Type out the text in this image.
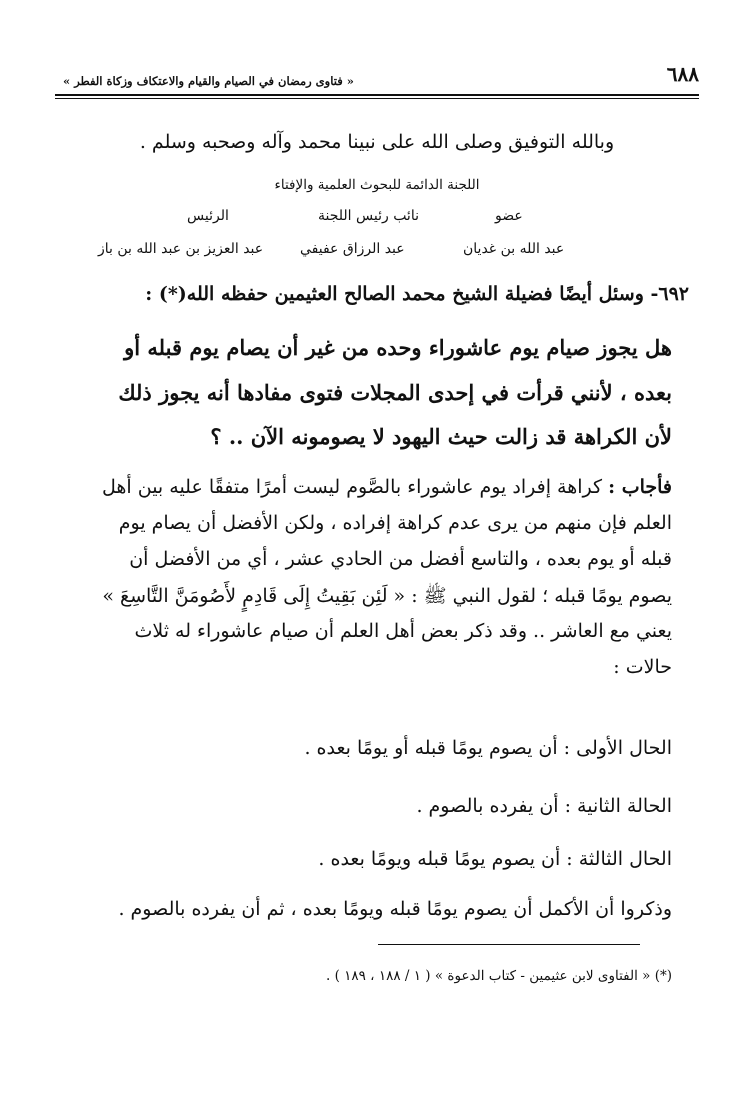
٦٨٨
« فتاوى رمضان في الصيام والقيام والاعتكاف وزكاة الفطر »
وبالله التوفيق وصلى الله على نبينا محمد وآله وصحبه وسلم .
اللجنة الدائمة للبحوث العلمية والإفتاء
عضو
نائب رئيس اللجنة
الرئيس
عبد الله بن غديان
عبد الرزاق عفيفي
عبد العزيز بن عبد الله بن باز
٦٩٢- وسئل أيضًا فضيلة الشيخ محمد الصالح العثيمين حفظه الله(*) :
هل يجوز صيام يوم عاشوراء وحده من غير أن يصام يوم قبله أو
بعده ، لأنني قرأت في إحدى المجلات فتوى مفادها أنه يجوز ذلك
لأن الكراهة قد زالت حيث اليهود لا يصومونه الآن .. ؟
فأجاب : كراهة إفراد يوم عاشوراء بالصَّوم ليست أمرًا متفقًا عليه بين أهل
العلم فإن منهم من يرى عدم كراهة إفراده ، ولكن الأفضل أن يصام يوم
قبله أو يوم بعده ، والتاسع أفضل من الحادي عشر ، أي من الأفضل أن
يصوم يومًا قبله ؛ لقول النبي ﷺ : « لَئِن بَقِيتُ إِلَى قَادِمٍ لأَصُومَنَّ التَّاسِعَ »
يعني مع العاشر .. وقد ذكر بعض أهل العلم أن صيام عاشوراء له ثلاث
حالات :
الحال الأولى : أن يصوم يومًا قبله أو يومًا بعده .
الحالة الثانية : أن يفرده بالصوم .
الحال الثالثة : أن يصوم يومًا قبله ويومًا بعده .
وذكروا أن الأكمل أن يصوم يومًا قبله ويومًا بعده ، ثم أن يفرده بالصوم .
(*) « الفتاوى لابن عثيمين - كتاب الدعوة » ( ١ / ١٨٨ ، ١٨٩ ) .
